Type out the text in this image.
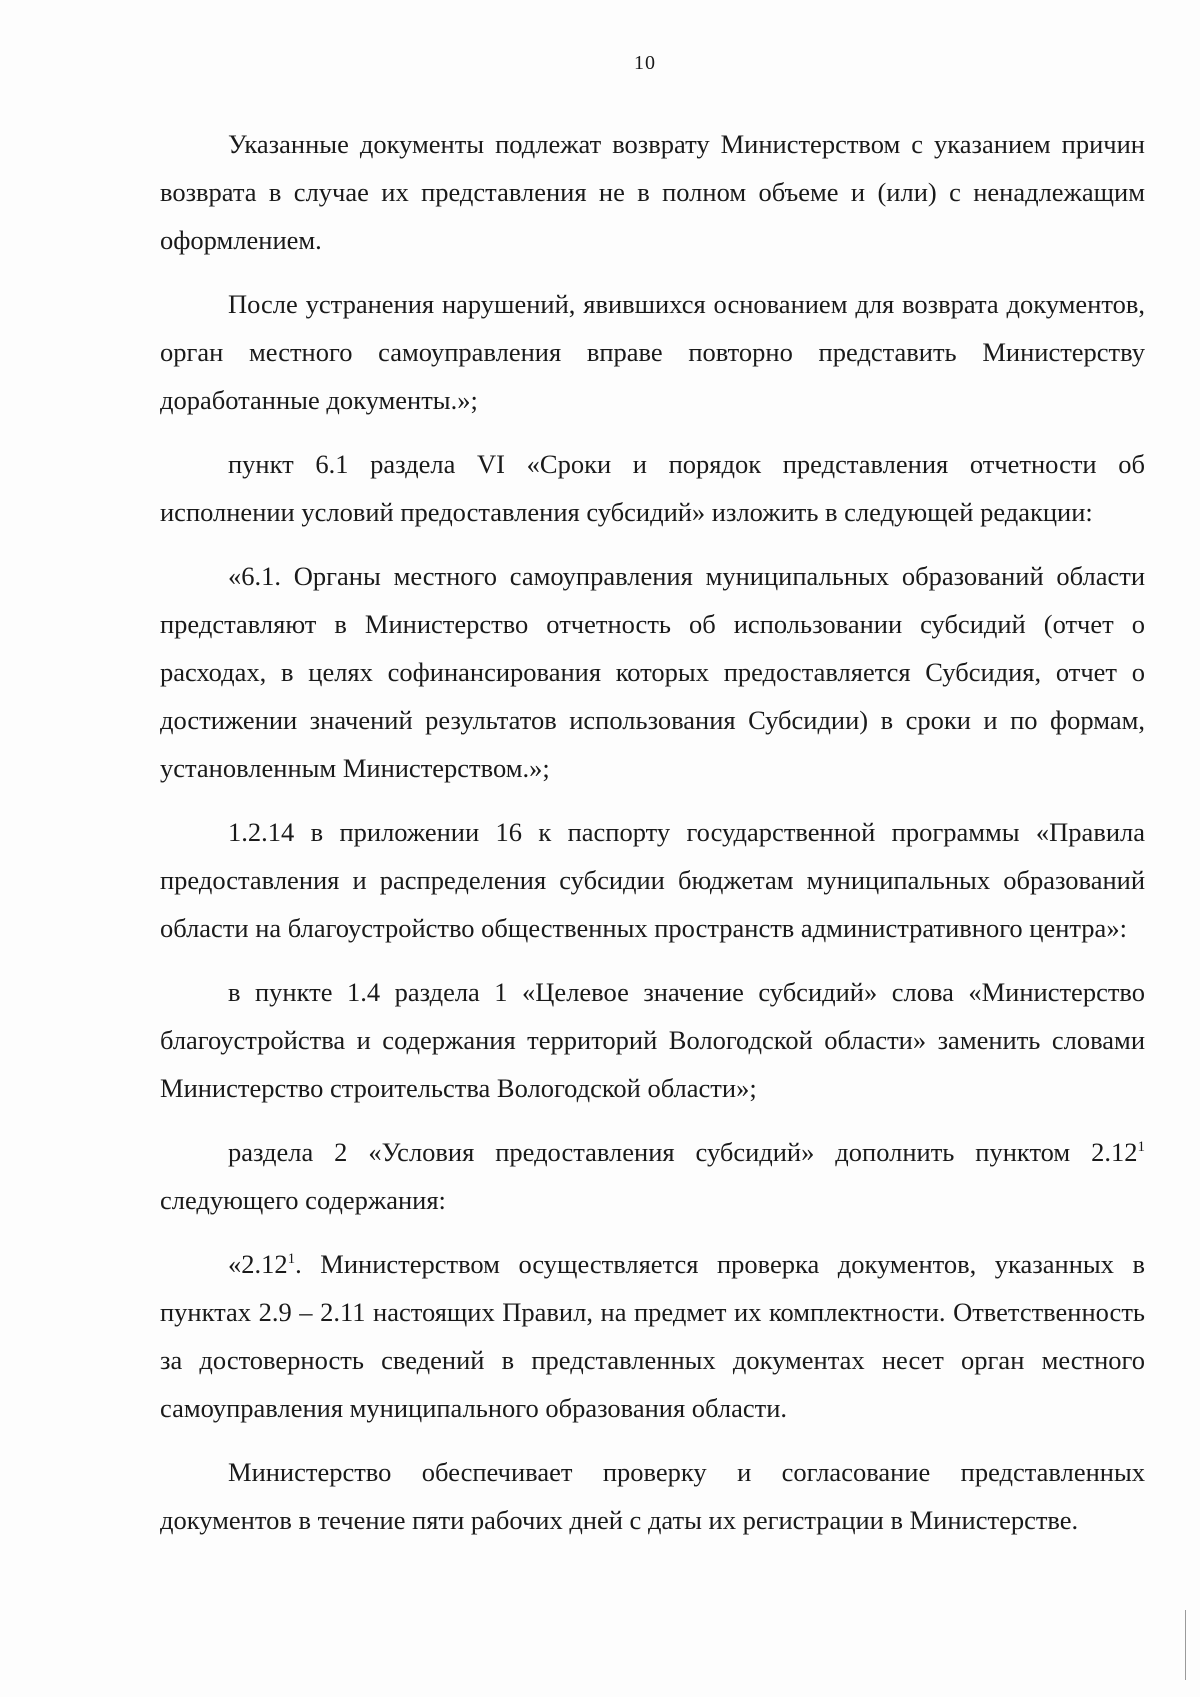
10

Указанные документы подлежат возврату Министерством с указанием причин возврата в случае их представления не в полном объеме и (или) с ненадлежащим оформлением.

После устранения нарушений, явившихся основанием для возврата документов, орган местного самоуправления вправе повторно представить Министерству доработанные документы.»;

пункт 6.1 раздела VI «Сроки и порядок представления отчетности об исполнении условий предоставления субсидий» изложить в следующей редакции:

«6.1. Органы местного самоуправления муниципальных образований области представляют в Министерство отчетность об использовании субсидий (отчет о расходах, в целях софинансирования которых предоставляется Субсидия, отчет о достижении значений результатов использования Субсидии) в сроки и по формам, установленным Министерством.»;

1.2.14 в приложении 16 к паспорту государственной программы «Правила предоставления и распределения субсидии бюджетам муниципальных образований области на благоустройство общественных пространств административного центра»:

в пункте 1.4 раздела 1 «Целевое значение субсидий» слова «Министерство благоустройства и содержания территорий Вологодской области» заменить словами Министерство строительства Вологодской области»;

раздела 2 «Условия предоставления субсидий» дополнить пунктом 2.12$^1$ следующего содержания:

«2.12$^1$. Министерством осуществляется проверка документов, указанных в пунктах 2.9 – 2.11 настоящих Правил, на предмет их комплектности. Ответственность за достоверность сведений в представленных документах несет орган местного самоуправления муниципального образования области.

Министерство обеспечивает проверку и согласование представленных документов в течение пяти рабочих дней с даты их регистрации в Министерстве.
